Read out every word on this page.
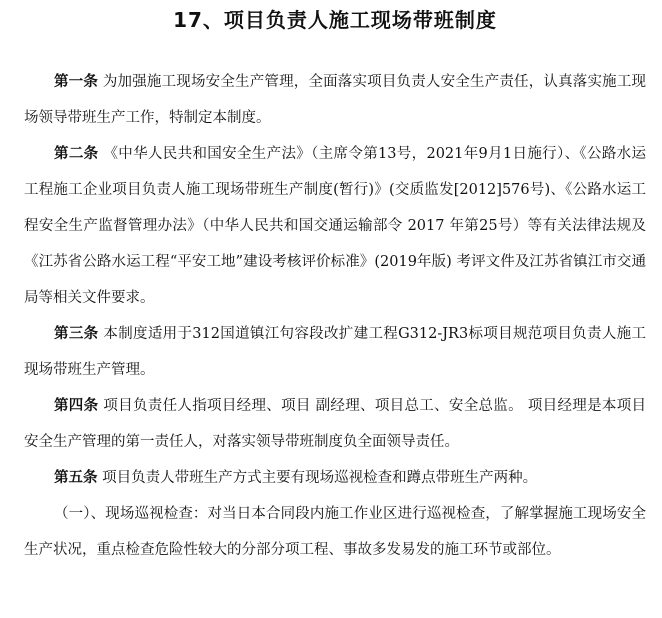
17、项目负责人施工现场带班制度

第一条 为加强施工现场安全生产管理，全面落实项目负责人安全生产责任，认真落实施工现场领导带班生产工作，特制定本制度。

第二条 《中华人民共和国安全生产法》（主席令第13号，2021年9月1日施行）、《公路水运工程施工企业项目负责人施工现场带班生产制度(暂行)》(交质监发[2012]576号)、《公路水运工程安全生产监督管理办法》（中华人民共和国交通运输部令 2017 年第25号）等有关法律法规及《江苏省公路水运工程“平安工地”建设考核评价标准》(2019年版) 考评文件及江苏省镇江市交通局等相关文件要求。

第三条 本制度适用于312国道镇江句容段改扩建工程G312-JR3标项目规范项目负责人施工现场带班生产管理。

第四条 项目负责任人指项目经理、项目 副经理、项目总工、安全总监。 项目经理是本项目安全生产管理的第一责任人，对落实领导带班制度负全面领导责任。

第五条 项目负责人带班生产方式主要有现场巡视检查和蹲点带班生产两种。

（一）、现场巡视检查：对当日本合同段内施工作业区进行巡视检查，了解掌握施工现场安全生产状况，重点检查危险性较大的分部分项工程、事故多发易发的施工环节或部位。
